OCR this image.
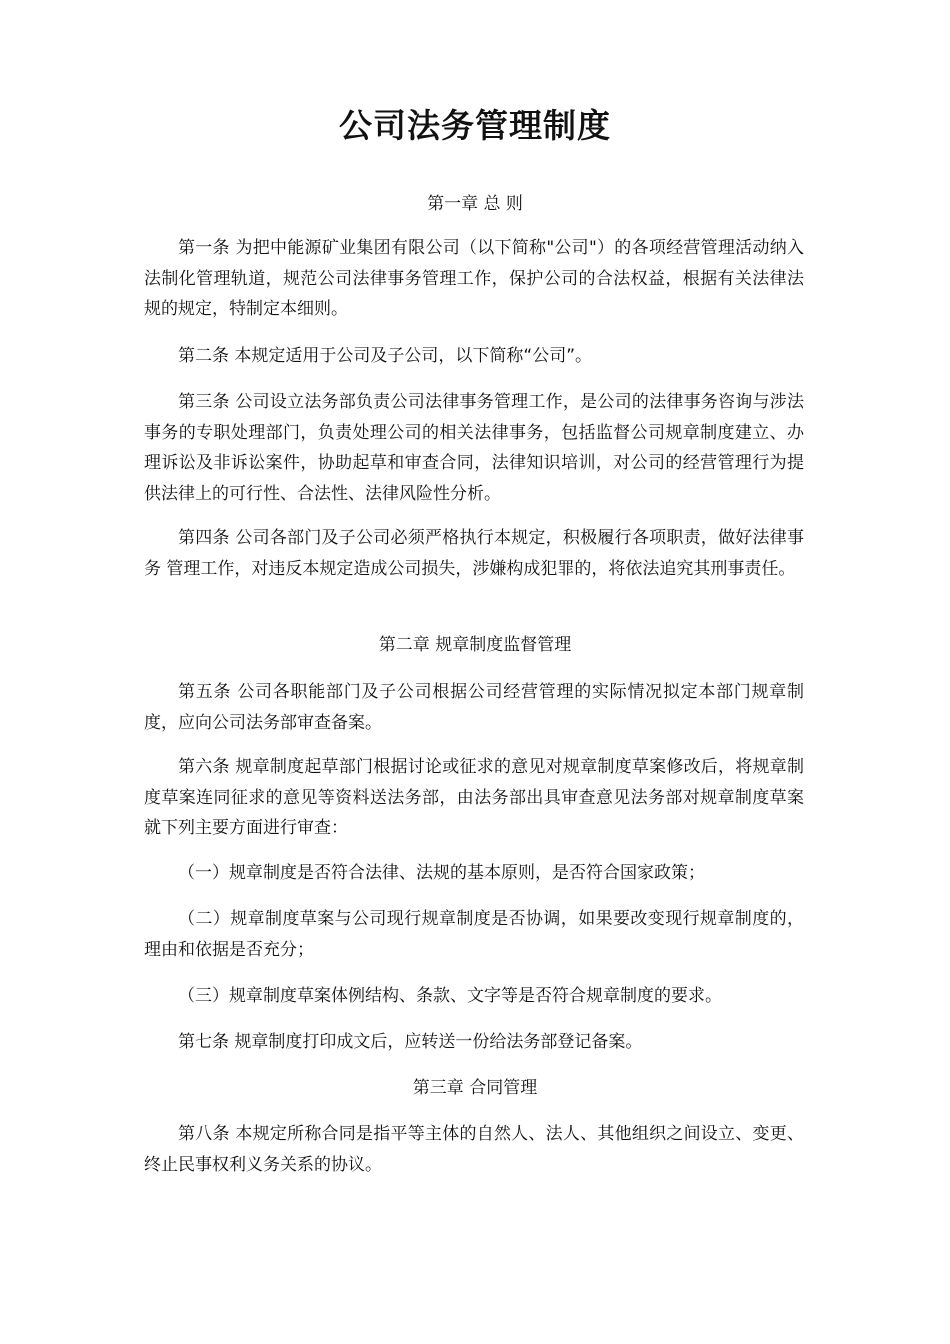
公司法务管理制度
第一章 总 则

第一条 为把中能源矿业集团有限公司（以下简称"公司"）的各项经营管理活动纳入法制化管理轨道，规范公司法律事务管理工作，保护公司的合法权益，根据有关法律法规的规定，特制定本细则。

第二条 本规定适用于公司及子公司，以下简称“公司”。

第三条 公司设立法务部负责公司法律事务管理工作，是公司的法律事务咨询与涉法事务的专职处理部门，负责处理公司的相关法律事务，包括监督公司规章制度建立、办理诉讼及非诉讼案件，协助起草和审查合同，法律知识培训，对公司的经营管理行为提供法律上的可行性、合法性、法律风险性分析。

第四条 公司各部门及子公司必须严格执行本规定，积极履行各项职责，做好法律事务 管理工作，对违反本规定造成公司损失，涉嫌构成犯罪的，将依法追究其刑事责任。

第二章 规章制度监督管理

第五条 公司各职能部门及子公司根据公司经营管理的实际情况拟定本部门规章制度，应向公司法务部审查备案。

第六条 规章制度起草部门根据讨论或征求的意见对规章制度草案修改后，将规章制度草案连同征求的意见等资料送法务部，由法务部出具审查意见法务部对规章制度草案就下列主要方面进行审查：

（一）规章制度是否符合法律、法规的基本原则，是否符合国家政策；

（二）规章制度草案与公司现行规章制度是否协调，如果要改变现行规章制度的，理由和依据是否充分；

（三）规章制度草案体例结构、条款、文字等是否符合规章制度的要求。

第七条 规章制度打印成文后，应转送一份给法务部登记备案。

第三章 合同管理

第八条 本规定所称合同是指平等主体的自然人、法人、其他组织之间设立、变更、终止民事权利义务关系的协议。
